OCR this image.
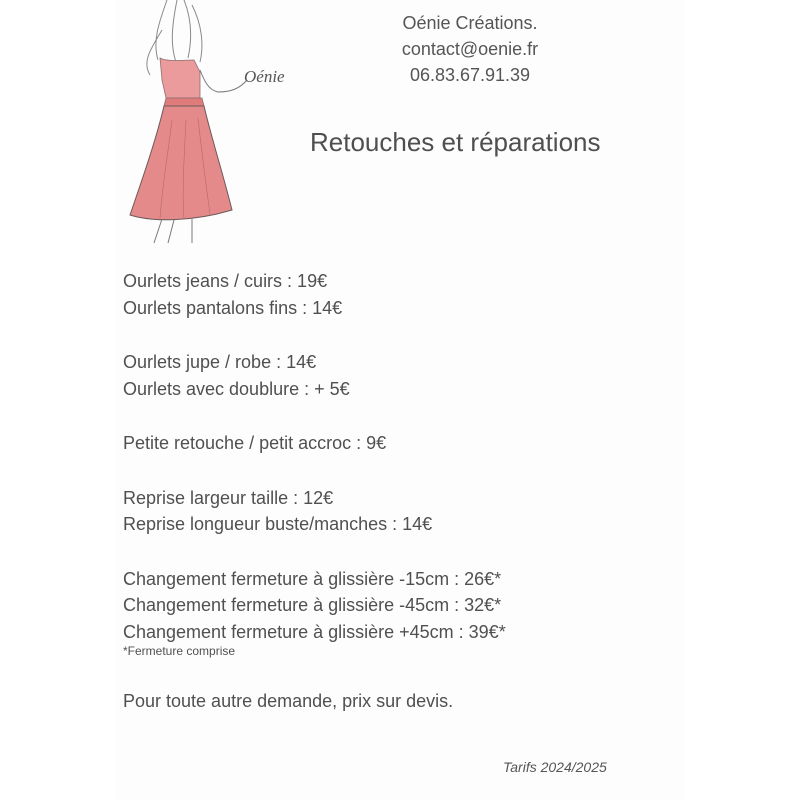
Oénie
Oénie Créations.
contact@oenie.fr
06.83.67.91.39
Retouches et réparations
Ourlets jeans / cuirs : 19€
Ourlets pantalons fins : 14€
Ourlets jupe / robe : 14€
Ourlets avec doublure : + 5€
Petite retouche / petit accroc : 9€
Reprise largeur taille : 12€
Reprise longueur buste/manches : 14€
Changement fermeture à glissière -15cm : 26€*
Changement fermeture à glissière -45cm : 32€*
Changement fermeture à glissière +45cm : 39€*
*Fermeture comprise
Pour toute autre demande, prix sur devis.
Tarifs 2024/2025
